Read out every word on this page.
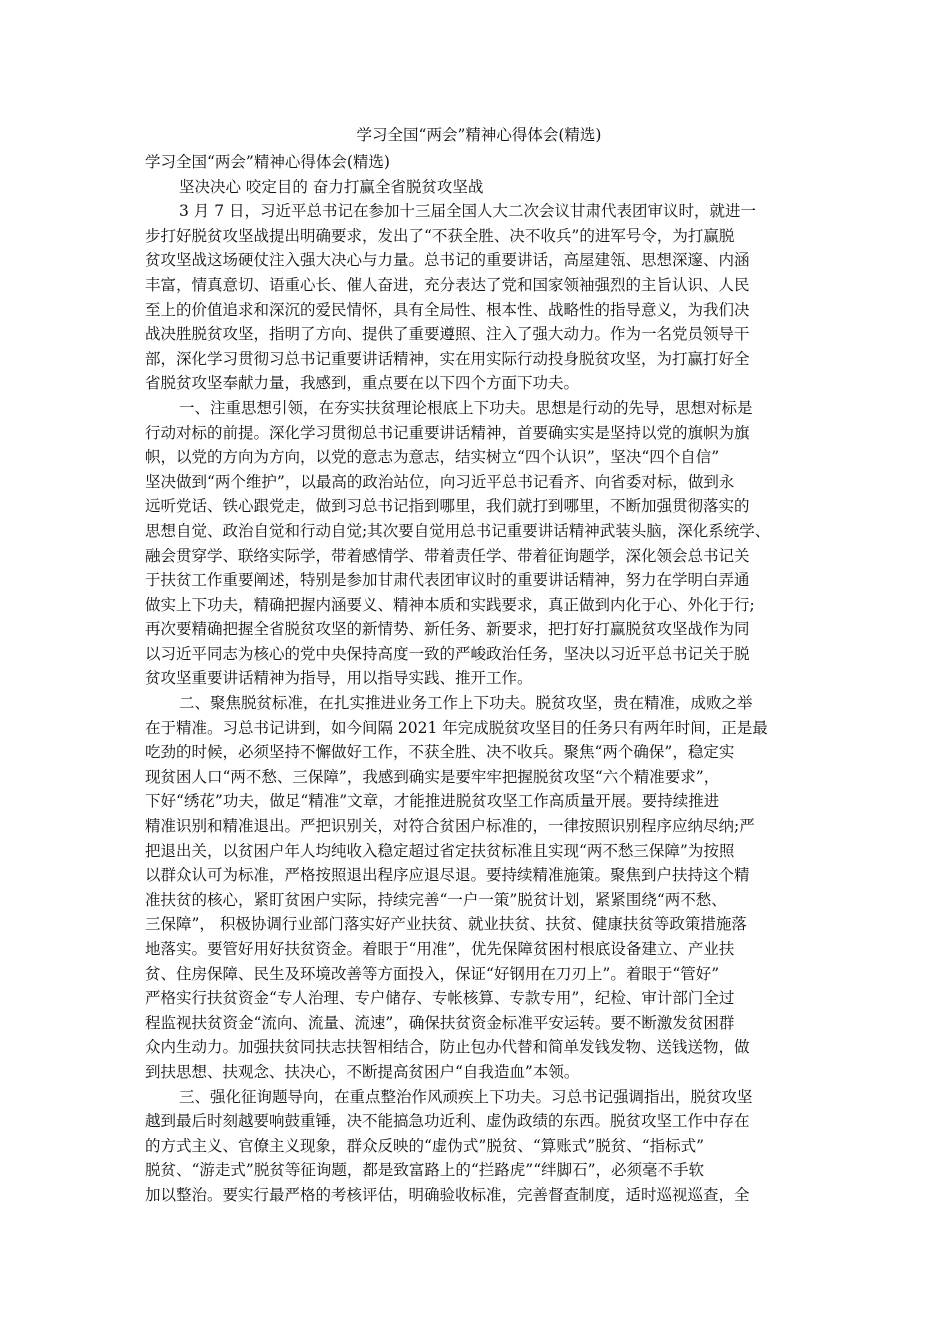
学习全国“两会”精神心得体会(精选)
学习全国“两会”精神心得体会(精选)
坚决决心 咬定目的 奋力打赢全省脱贫攻坚战
3 月 7 日，习近平总书记在参加十三届全国人大二次会议甘肃代表团审议时，就进一
步打好脱贫攻坚战提出明确要求，发出了“不获全胜、决不收兵”的进军号令，为打赢脱
贫攻坚战这场硬仗注入强大决心与力量。总书记的重要讲话，高屋建瓴、思想深邃、内涵
丰富，情真意切、语重心长、催人奋进，充分表达了党和国家领袖强烈的主旨认识、人民
至上的价值追求和深沉的爱民情怀，具有全局性、根本性、战略性的指导意义，为我们决
战决胜脱贫攻坚，指明了方向、提供了重要遵照、注入了强大动力。作为一名党员领导干
部，深化学习贯彻习总书记重要讲话精神，实在用实际行动投身脱贫攻坚，为打赢打好全
省脱贫攻坚奉献力量，我感到，重点要在以下四个方面下功夫。
一、注重思想引领，在夯实扶贫理论根底上下功夫。思想是行动的先导，思想对标是
行动对标的前提。深化学习贯彻总书记重要讲话精神，首要确实实是坚持以党的旗帜为旗
帜，以党的方向为方向，以党的意志为意志，结实树立“四个认识”，坚决“四个自信”
坚决做到“两个维护”，以最高的政治站位，向习近平总书记看齐、向省委对标，做到永
远听党话、铁心跟党走，做到习总书记指到哪里，我们就打到哪里，不断加强贯彻落实的
思想自觉、政治自觉和行动自觉;其次要自觉用总书记重要讲话精神武装头脑，深化系统学、
融会贯穿学、联络实际学，带着感情学、带着责任学、带着征询题学，深化领会总书记关
于扶贫工作重要阐述，特别是参加甘肃代表团审议时的重要讲话精神，努力在学明白弄通
做实上下功夫，精确把握内涵要义、精神本质和实践要求，真正做到内化于心、外化于行;
再次要精确把握全省脱贫攻坚的新情势、新任务、新要求，把打好打赢脱贫攻坚战作为同
以习近平同志为核心的党中央保持高度一致的严峻政治任务，坚决以习近平总书记关于脱
贫攻坚重要讲话精神为指导，用以指导实践、推开工作。
二、聚焦脱贫标准，在扎实推进业务工作上下功夫。脱贫攻坚，贵在精准，成败之举
在于精准。习总书记讲到，如今间隔 2021 年完成脱贫攻坚目的任务只有两年时间，正是最
吃劲的时候，必须坚持不懈做好工作，不获全胜、决不收兵。聚焦“两个确保”，稳定实
现贫困人口“两不愁、三保障”，我感到确实是要牢牢把握脱贫攻坚“六个精准要求”，
下好“绣花”功夫，做足“精准”文章，才能推进脱贫攻坚工作高质量开展。要持续推进
精准识别和精准退出。严把识别关，对符合贫困户标准的，一律按照识别程序应纳尽纳;严
把退出关，以贫困户年人均纯收入稳定超过省定扶贫标准且实现“两不愁三保障”为按照
以群众认可为标准，严格按照退出程序应退尽退。要持续精准施策。聚焦到户扶持这个精
准扶贫的核心，紧盯贫困户实际，持续完善“一户一策”脱贫计划，紧紧围绕“两不愁、
三保障”， 积极协调行业部门落实好产业扶贫、就业扶贫、扶贫、健康扶贫等政策措施落
地落实。要管好用好扶贫资金。着眼于“用准”，优先保障贫困村根底设备建立、产业扶
贫、住房保障、民生及环境改善等方面投入，保证“好钢用在刀刃上”。着眼于“管好”
严格实行扶贫资金“专人治理、专户储存、专帐核算、专款专用”，纪检、审计部门全过
程监视扶贫资金“流向、流量、流速”，确保扶贫资金标准平安运转。要不断激发贫困群
众内生动力。加强扶贫同扶志扶智相结合，防止包办代替和简单发钱发物、送钱送物，做
到扶思想、扶观念、扶决心，不断提高贫困户“自我造血”本领。
三、强化征询题导向，在重点整治作风顽疾上下功夫。习总书记强调指出，脱贫攻坚
越到最后时刻越要响鼓重锤，决不能搞急功近利、虚伪政绩的东西。脱贫攻坚工作中存在
的方式主义、官僚主义现象，群众反映的“虚伪式”脱贫、“算账式”脱贫、“指标式”
脱贫、“游走式”脱贫等征询题，都是致富路上的“拦路虎”“绊脚石”，必须毫不手软
加以整治。要实行最严格的考核评估，明确验收标准，完善督查制度，适时巡视巡查，全
